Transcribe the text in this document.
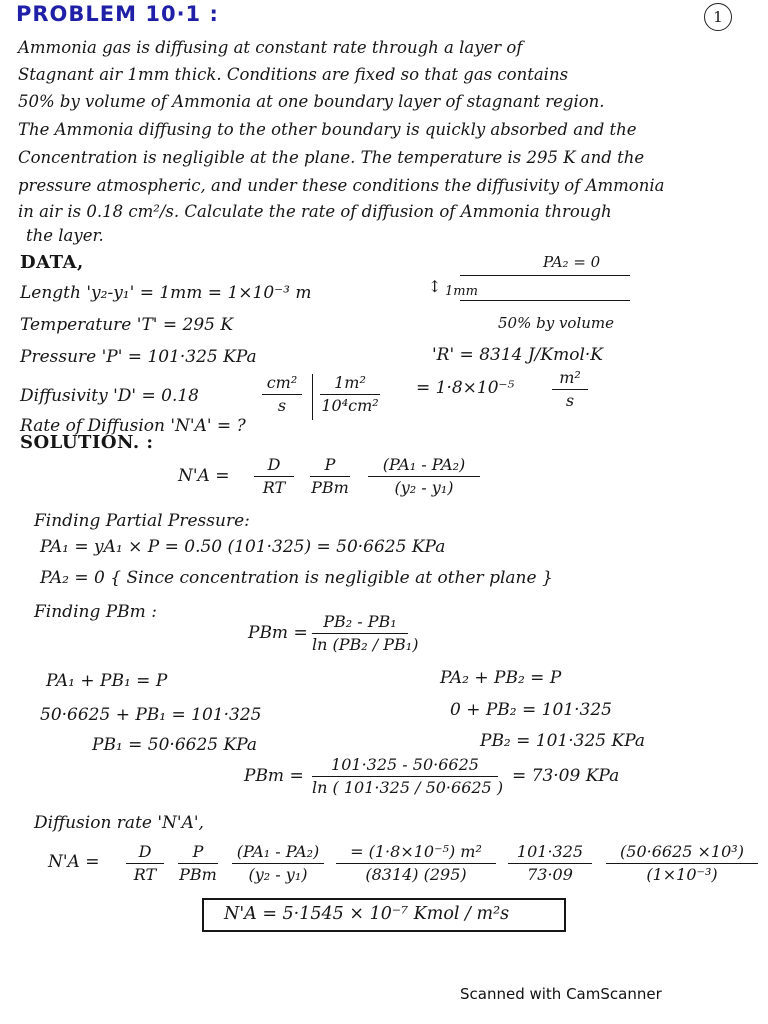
PROBLEM 10·1 :	1
Ammonia gas is diffusing at constant rate through a layer of
Stagnant air 1mm thick. Conditions are fixed so that gas contains
50% by volume of Ammonia at one boundary layer of stagnant region.
The Ammonia diffusing to the other boundary is quickly absorbed and the
Concentration is negligible at the plane. The temperature is 295 K and the
pressure atmospheric, and under these conditions the diffusivity of Ammonia
in air is 0.18 cm²/s. Calculate the rate of diffusion of Ammonia through
the layer.
DATA,	PA₂ = 0
↕ 1mm
Length 'y₂-y₁' = 1mm = 1×10⁻³ m
Temperature 'T' = 295 K	50% by volume
Pressure 'P' = 101·325 KPa	'R' = 8314 J/Kmol·K
Diffusivity 'D' = 0.18
cm²
s
1m²
10⁴cm²
= 1·8×10⁻⁵
m²
s
Rate of Diffusion 'N'A' = ?
SOLUTION. :
N'A =
D
RT
P
PBm
(PA₁ - PA₂)
(y₂ - y₁)
Finding Partial Pressure:
PA₁ = yA₁ × P = 0.50 (101·325) = 50·6625 KPa
PA₂ = 0 { Since concentration is negligible at other plane }
Finding PBm :
PBm =
PB₂ - PB₁
ln (PB₂ / PB₁)
PA₁ + PB₁ = P
50·6625 + PB₁ = 101·325
PB₁ = 50·6625 KPa
PA₂ + PB₂ = P
0 + PB₂ = 101·325
PB₂ = 101·325 KPa
PBm =
101·325 - 50·6625
ln ( 101·325 / 50·6625 )
= 73·09 KPa
Diffusion rate 'N'A',
N'A =
D
RT
P
PBm
(PA₁ - PA₂)
(y₂ - y₁)
= (1·8×10⁻⁵) m²
(8314) (295)
101·325
73·09
(50·6625 ×10³)
(1×10⁻³)
N'A = 5·1545 × 10⁻⁷ Kmol / m²s
Scanned with CamScanner
